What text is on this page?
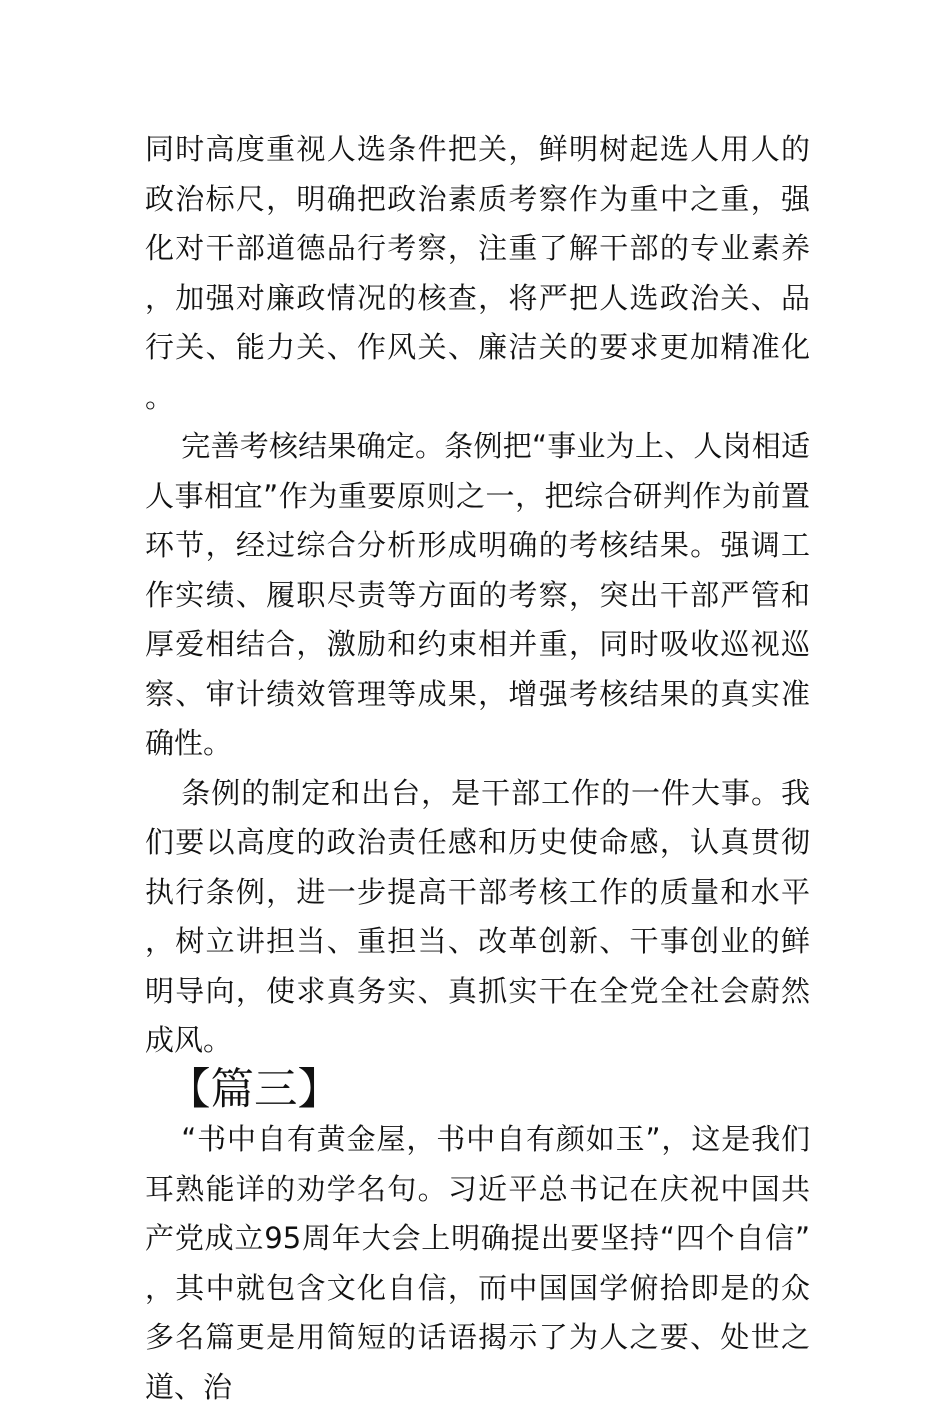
同时高度重视人选条件把关，鲜明树起选人用人的政治标尺，明确把政治素质考察作为重中之重，强化对干部道德品行考察，注重了解干部的专业素养，加强对廉政情况的核查，将严把人选政治关、品行关、能力关、作风关、廉洁关的要求更加精准化。

完善考核结果确定。条例把“事业为上、人岗相适人事相宜”作为重要原则之一，把综合研判作为前置环节，经过综合分析形成明确的考核结果。强调工作实绩、履职尽责等方面的考察，突出干部严管和厚爱相结合，激励和约束相并重，同时吸收巡视巡察、审计绩效管理等成果，增强考核结果的真实准确性。

条例的制定和出台，是干部工作的一件大事。我们要以高度的政治责任感和历史使命感，认真贯彻执行条例，进一步提高干部考核工作的质量和水平，树立讲担当、重担当、改革创新、干事创业的鲜明导向，使求真务实、真抓实干在全党全社会蔚然成风。

【篇三】

“书中自有黄金屋，书中自有颜如玉”，这是我们耳熟能详的劝学名句。习近平总书记在庆祝中国共产党成立95周年大会上明确提出要坚持“四个自信”，其中就包含文化自信，而中国国学俯拾即是的众多名篇更是用简短的话语揭示了为人之要、处世之道、治
